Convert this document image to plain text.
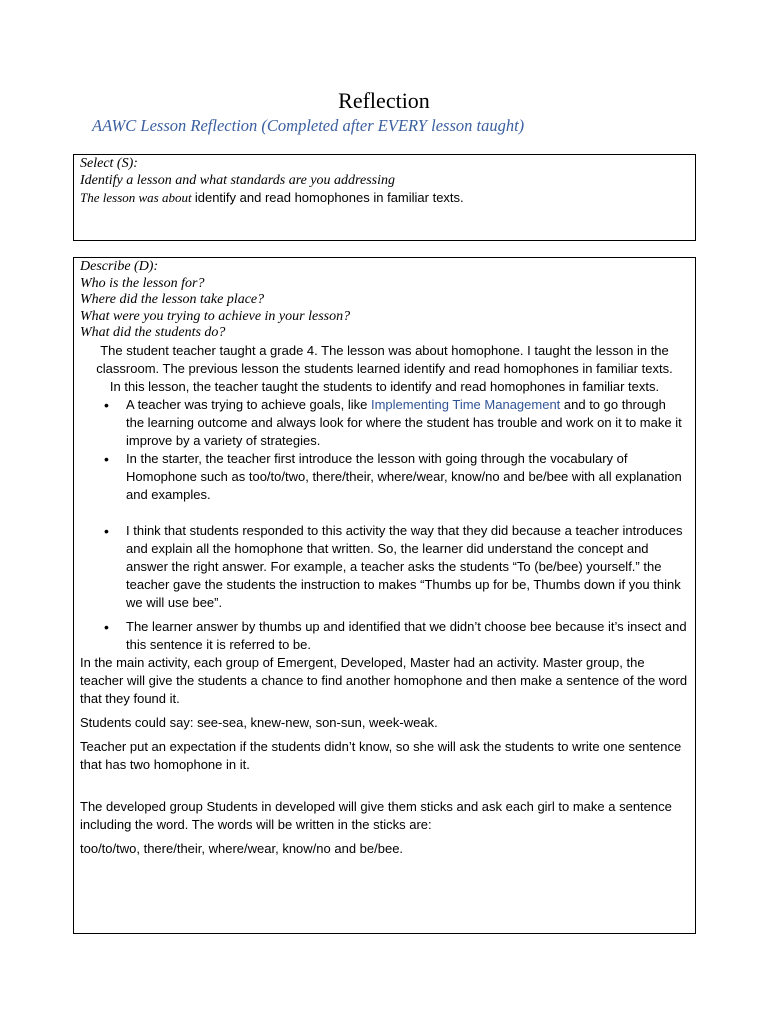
Reflection
AAWC Lesson Reflection (Completed after EVERY lesson taught)

Select (S):

Identify a lesson and what standards are you addressing

The lesson was about identify and read homophones in familiar texts.

Describe (D):

Who is the lesson for?

Where did the lesson take place?

What were you trying to achieve in your lesson?

What did the students do?

The student teacher taught a grade 4. The lesson was about homophone. I taught the lesson in the classroom. The previous lesson the students learned identify and read homophones in familiar texts.

In this lesson, the teacher taught the students to identify and read homophones in familiar texts.

• A teacher was trying to achieve goals, like Implementing Time Management and to go through the learning outcome and always look for where the student has trouble and work on it to make it improve by a variety of strategies.
• In the starter, the teacher first introduce the lesson with going through the vocabulary of Homophone such as too/to/two, there/their, where/wear, know/no and be/bee with all explanation and examples.
• I think that students responded to this activity the way that they did because a teacher introduces and explain all the homophone that written. So, the learner did understand the concept and answer the right answer. For example, a teacher asks the students “To (be/bee) yourself.” the teacher gave the students the instruction to makes “Thumbs up for be, Thumbs down if you think we will use bee”.
• The learner answer by thumbs up and identified that we didn’t choose bee because it’s insect and this sentence it is referred to be.

In the main activity, each group of Emergent, Developed, Master had an activity. Master group, the teacher will give the students a chance to find another homophone and then make a sentence of the word that they found it.

Students could say: see-sea, knew-new, son-sun, week-weak.

Teacher put an expectation if the students didn’t know, so she will ask the students to write one sentence that has two homophone in it.

The developed group Students in developed will give them sticks and ask each girl to make a sentence including the word. The words will be written in the sticks are:

too/to/two, there/their, where/wear, know/no and be/bee.
